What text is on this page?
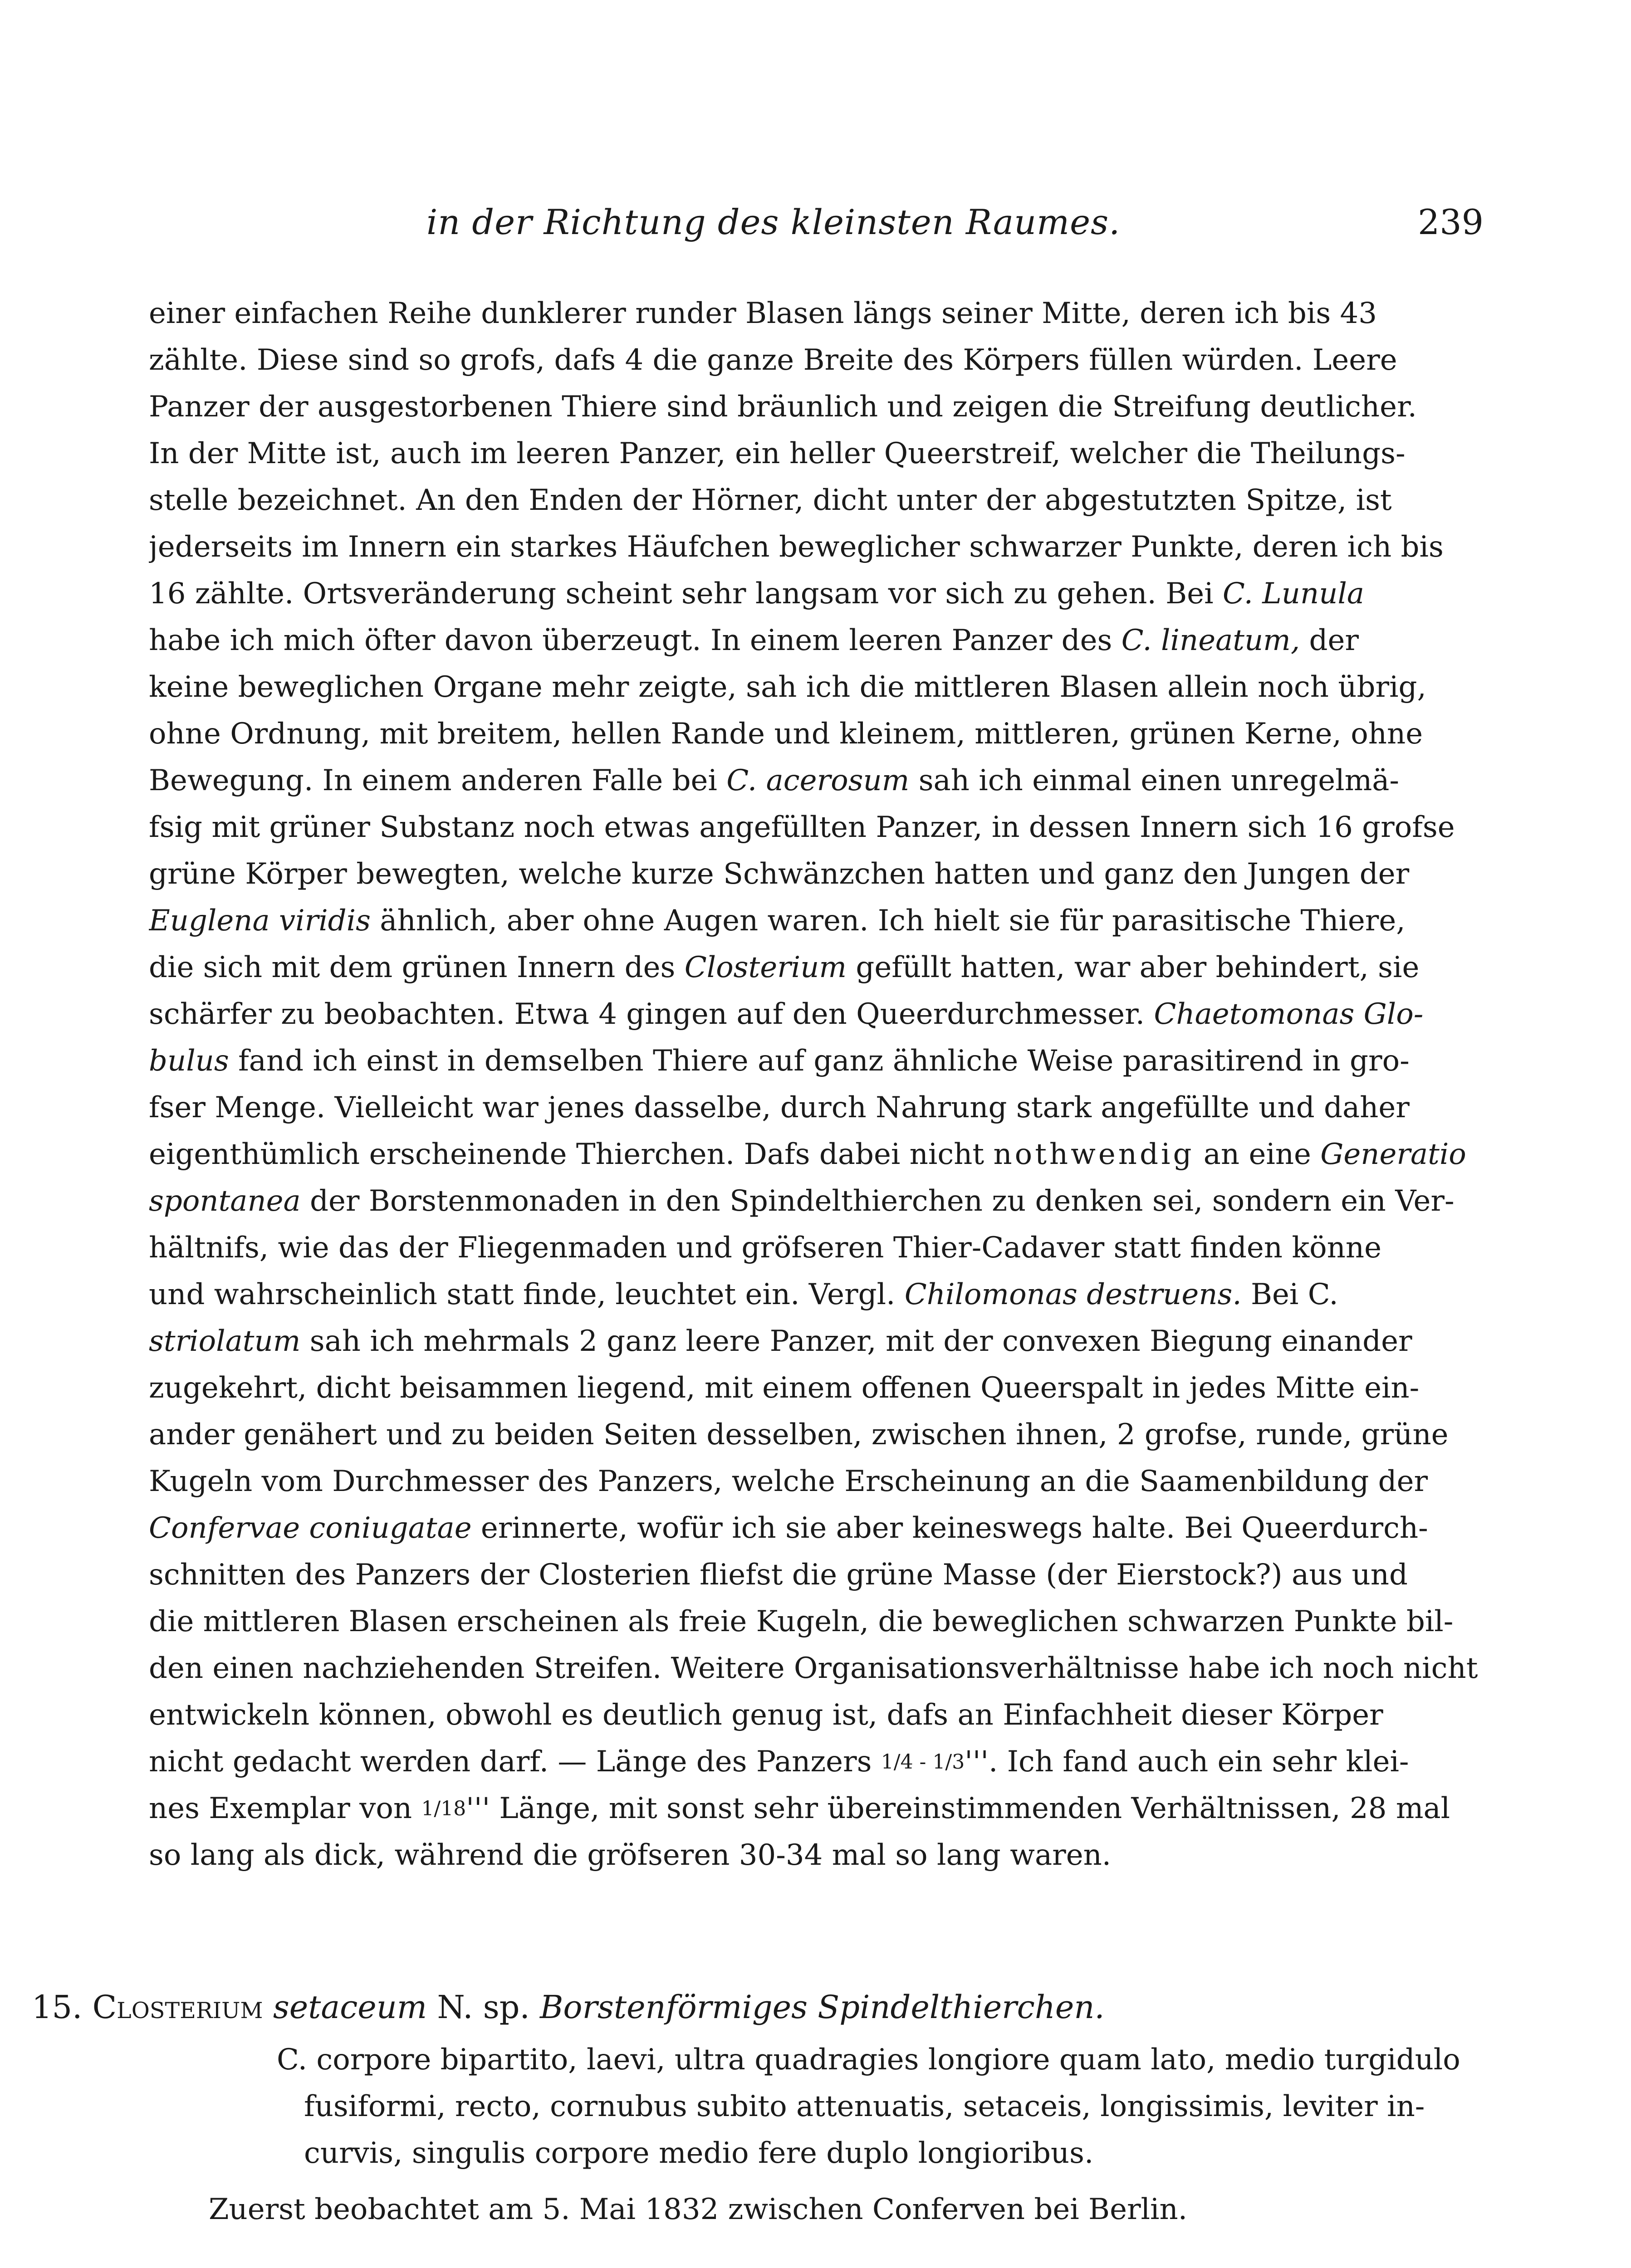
in der Richtung des kleinsten Raumes.	239
einer einfachen Reihe dunklerer runder Blasen längs seiner Mitte, deren ich bis 43
zählte. Diese sind so grofs, dafs 4 die ganze Breite des Körpers füllen würden. Leere
Panzer der ausgestorbenen Thiere sind bräunlich und zeigen die Streifung deutlicher.
In der Mitte ist, auch im leeren Panzer, ein heller Queerstreif, welcher die Theilungs-
stelle bezeichnet. An den Enden der Hörner, dicht unter der abgestutzten Spitze, ist
jederseits im Innern ein starkes Häufchen beweglicher schwarzer Punkte, deren ich bis
16 zählte. Ortsveränderung scheint sehr langsam vor sich zu gehen. Bei C. Lunula
habe ich mich öfter davon überzeugt. In einem leeren Panzer des C. lineatum, der
keine beweglichen Organe mehr zeigte, sah ich die mittleren Blasen allein noch übrig,
ohne Ordnung, mit breitem, hellen Rande und kleinem, mittleren, grünen Kerne, ohne
Bewegung. In einem anderen Falle bei C. acerosum sah ich einmal einen unregelmä-
fsig mit grüner Substanz noch etwas angefüllten Panzer, in dessen Innern sich 16 grofse
grüne Körper bewegten, welche kurze Schwänzchen hatten und ganz den Jungen der
Euglena viridis ähnlich, aber ohne Augen waren. Ich hielt sie für parasitische Thiere,
die sich mit dem grünen Innern des Closterium gefüllt hatten, war aber behindert, sie
schärfer zu beobachten. Etwa 4 gingen auf den Queerdurchmesser. Chaetomonas Glo-
bulus fand ich einst in demselben Thiere auf ganz ähnliche Weise parasitirend in gro-
fser Menge. Vielleicht war jenes dasselbe, durch Nahrung stark angefüllte und daher
eigenthümlich erscheinende Thierchen. Dafs dabei nicht nothwendig an eine Generatio
spontanea der Borstenmonaden in den Spindelthierchen zu denken sei, sondern ein Ver-
hältnifs, wie das der Fliegenmaden und gröfseren Thier-Cadaver statt finden könne
und wahrscheinlich statt finde, leuchtet ein. Vergl. Chilomonas destruens. Bei C.
striolatum sah ich mehrmals 2 ganz leere Panzer, mit der convexen Biegung einander
zugekehrt, dicht beisammen liegend, mit einem offenen Queerspalt in jedes Mitte ein-
ander genähert und zu beiden Seiten desselben, zwischen ihnen, 2 grofse, runde, grüne
Kugeln vom Durchmesser des Panzers, welche Erscheinung an die Saamenbildung der
Confervae coniugatae erinnerte, wofür ich sie aber keineswegs halte. Bei Queerdurch-
schnitten des Panzers der Closterien fliefst die grüne Masse (der Eierstock?) aus und
die mittleren Blasen erscheinen als freie Kugeln, die beweglichen schwarzen Punkte bil-
den einen nachziehenden Streifen. Weitere Organisationsverhältnisse habe ich noch nicht
entwickeln können, obwohl es deutlich genug ist, dafs an Einfachheit dieser Körper
nicht gedacht werden darf. — Länge des Panzers 1/4 - 1/3'''. Ich fand auch ein sehr klei-
nes Exemplar von 1/18''' Länge, mit sonst sehr übereinstimmenden Verhältnissen, 28 mal
so lang als dick, während die gröfseren 30-34 mal so lang waren.
15. Closterium setaceum N. sp. Borstenförmiges Spindelthierchen.
C. corpore bipartito, laevi, ultra quadragies longiore quam lato, medio turgidulo
fusiformi, recto, cornubus subito attenuatis, setaceis, longissimis, leviter in-
curvis, singulis corpore medio fere duplo longioribus.
Zuerst beobachtet am 5. Mai 1832 zwischen Conferven bei Berlin.
